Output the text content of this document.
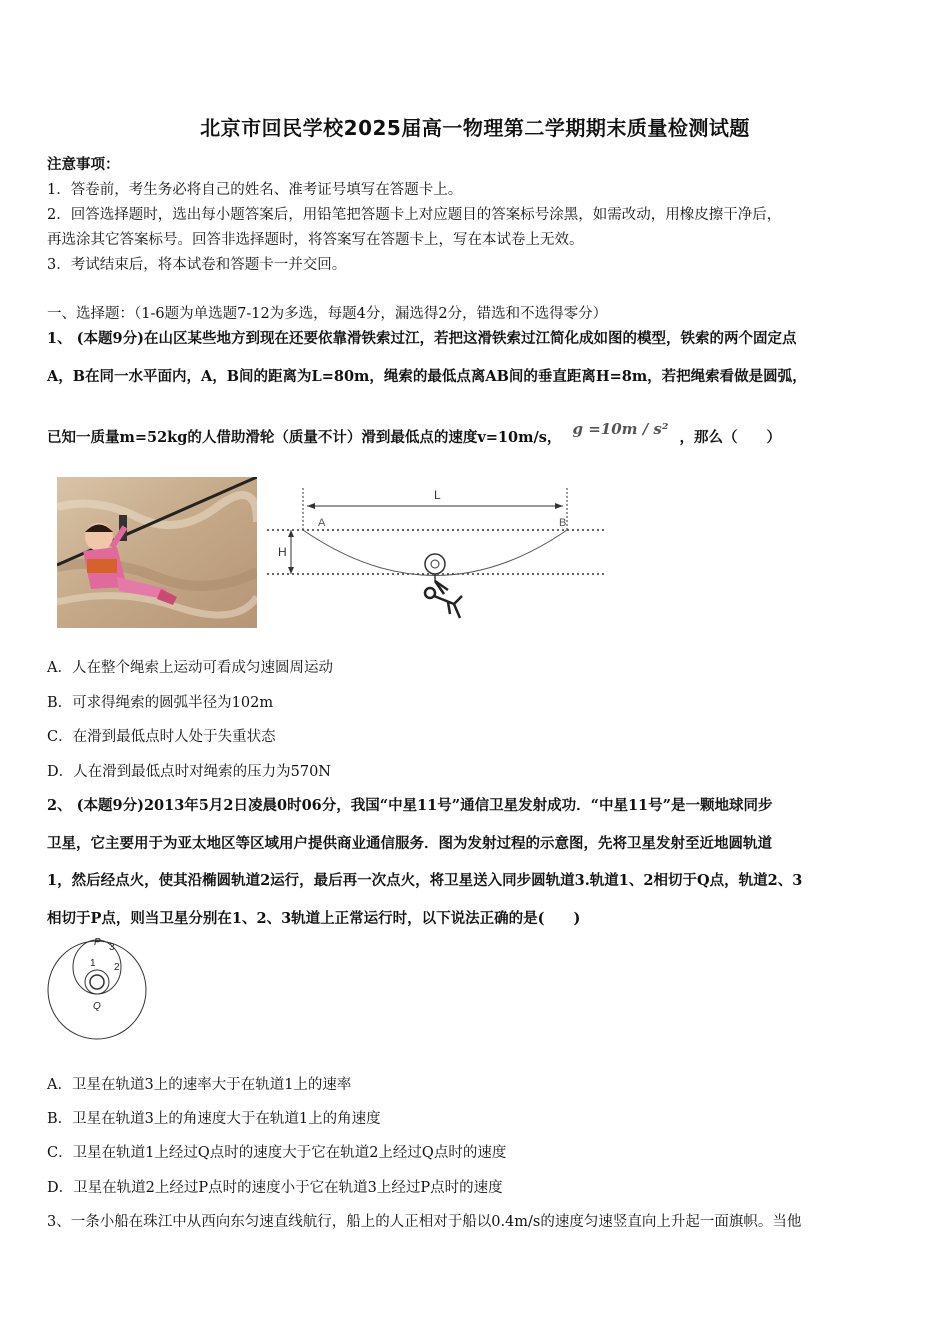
北京市回民学校2025届高一物理第二学期期末质量检测试题
注意事项：
1．答卷前，考生务必将自己的姓名、准考证号填写在答题卡上。
2．回答选择题时，选出每小题答案后，用铅笔把答题卡上对应题目的答案标号涂黑，如需改动，用橡皮擦干净后，
再选涂其它答案标号。回答非选择题时，将答案写在答题卡上，写在本试卷上无效。
3．考试结束后，将本试卷和答题卡一并交回。
一、选择题：（1-6题为单选题7-12为多选，每题4分，漏选得2分，错选和不选得零分）
1、 (本题9分)在山区某些地方到现在还要依靠滑铁索过江，若把这滑铁索过江简化成如图的模型，铁索的两个固定点
A，B在同一水平面内，A，B间的距离为L=80m，绳索的最低点离AB间的垂直距离H=8m，若把绳索看做是圆弧，
已知一质量m=52kg的人借助滑轮（质量不计）滑到最低点的速度v=10m/s， g =10m / s² ，那么（　　）
L
A	B
H
A．人在整个绳索上运动可看成匀速圆周运动
B．可求得绳索的圆弧半径为102m
C．在滑到最低点时人处于失重状态
D．人在滑到最低点时对绳索的压力为570N
2、 (本题9分)2013年5月2日凌晨0时06分，我国“中星11号”通信卫星发射成功．“中星11号”是一颗地球同步
卫星，它主要用于为亚太地区等区域用户提供商业通信服务．图为发射过程的示意图，先将卫星发射至近地圆轨道
1，然后经点火，使其沿椭圆轨道2运行，最后再一次点火，将卫星送入同步圆轨道3.轨道1、2相切于Q点，轨道2、3
相切于P点，则当卫星分别在1、2、3轨道上正常运行时，以下说法正确的是(　　)
P 3
2
1
Q
A．卫星在轨道3上的速率大于在轨道1上的速率
B．卫星在轨道3上的角速度大于在轨道1上的角速度
C．卫星在轨道1上经过Q点时的速度大于它在轨道2上经过Q点时的速度
D．卫星在轨道2上经过P点时的速度小于它在轨道3上经过P点时的速度
3、一条小船在珠江中从西向东匀速直线航行，船上的人正相对于船以0.4m/s的速度匀速竖直向上升起一面旗帜。当他
